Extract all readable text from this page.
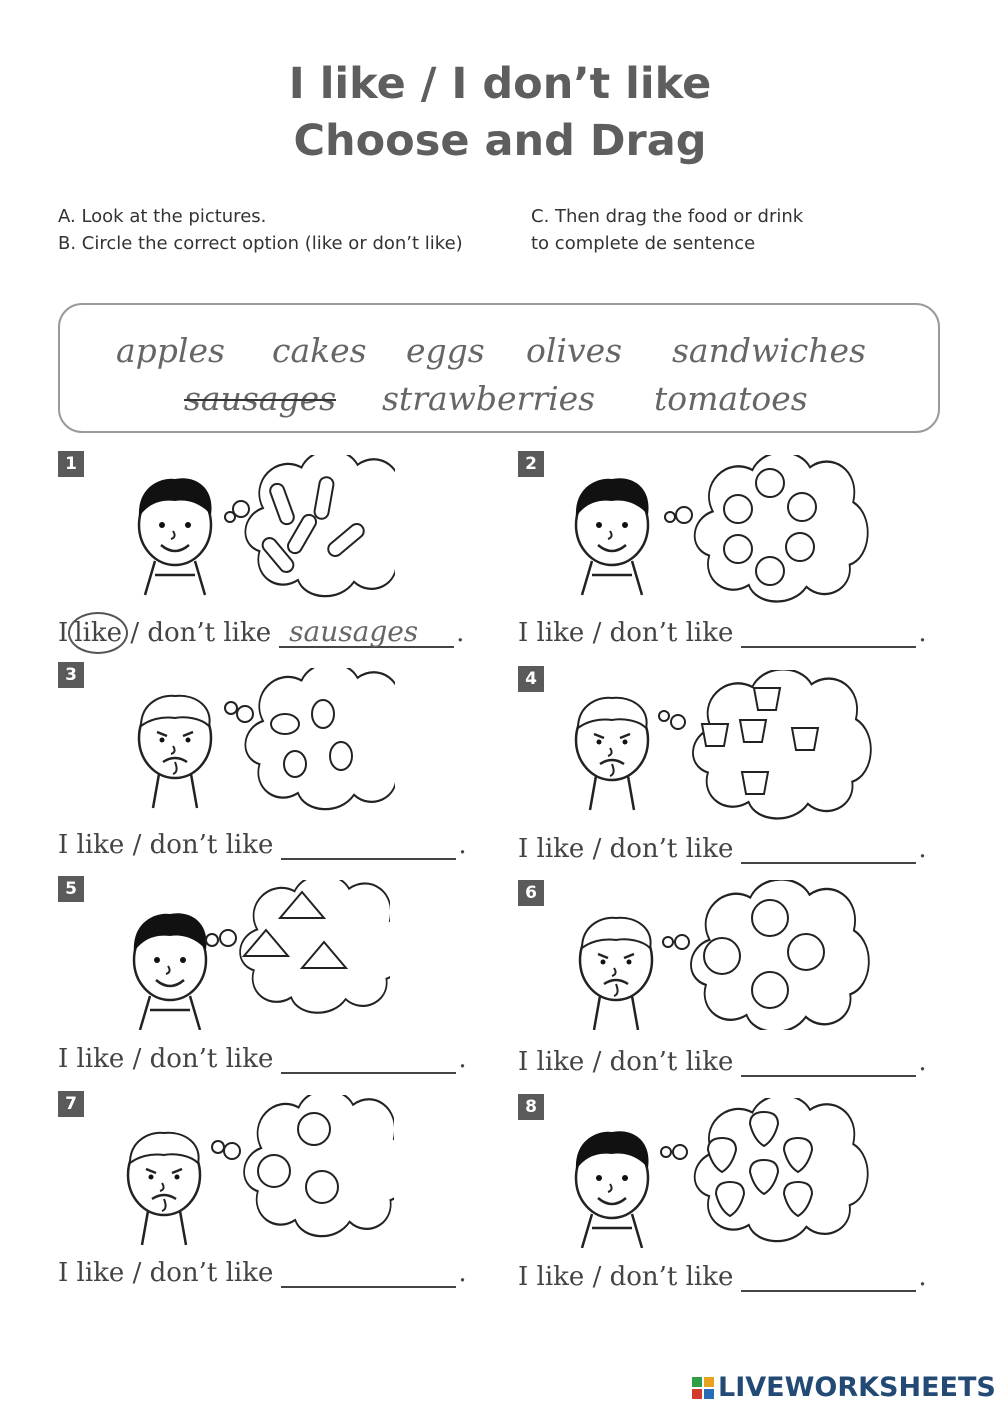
I like / I don’t like
Choose and Drag
A. Look at the pictures.
B. Circle the correct option (like or don’t like)
C. Then drag the food or drink
to complete de sentence
apples cakes eggs olives sandwiches
sausages strawberries tomatoes
1
I like / don’t like sausages .
2
I like / don’t like	.
3
I like / don’t like	.
4
I like / don’t like	.
5
I like / don’t like	.
6
I like / don’t like	.
7
I like / don’t like	.
8
I like / don’t like	.
LIVEWORKSHEETS
